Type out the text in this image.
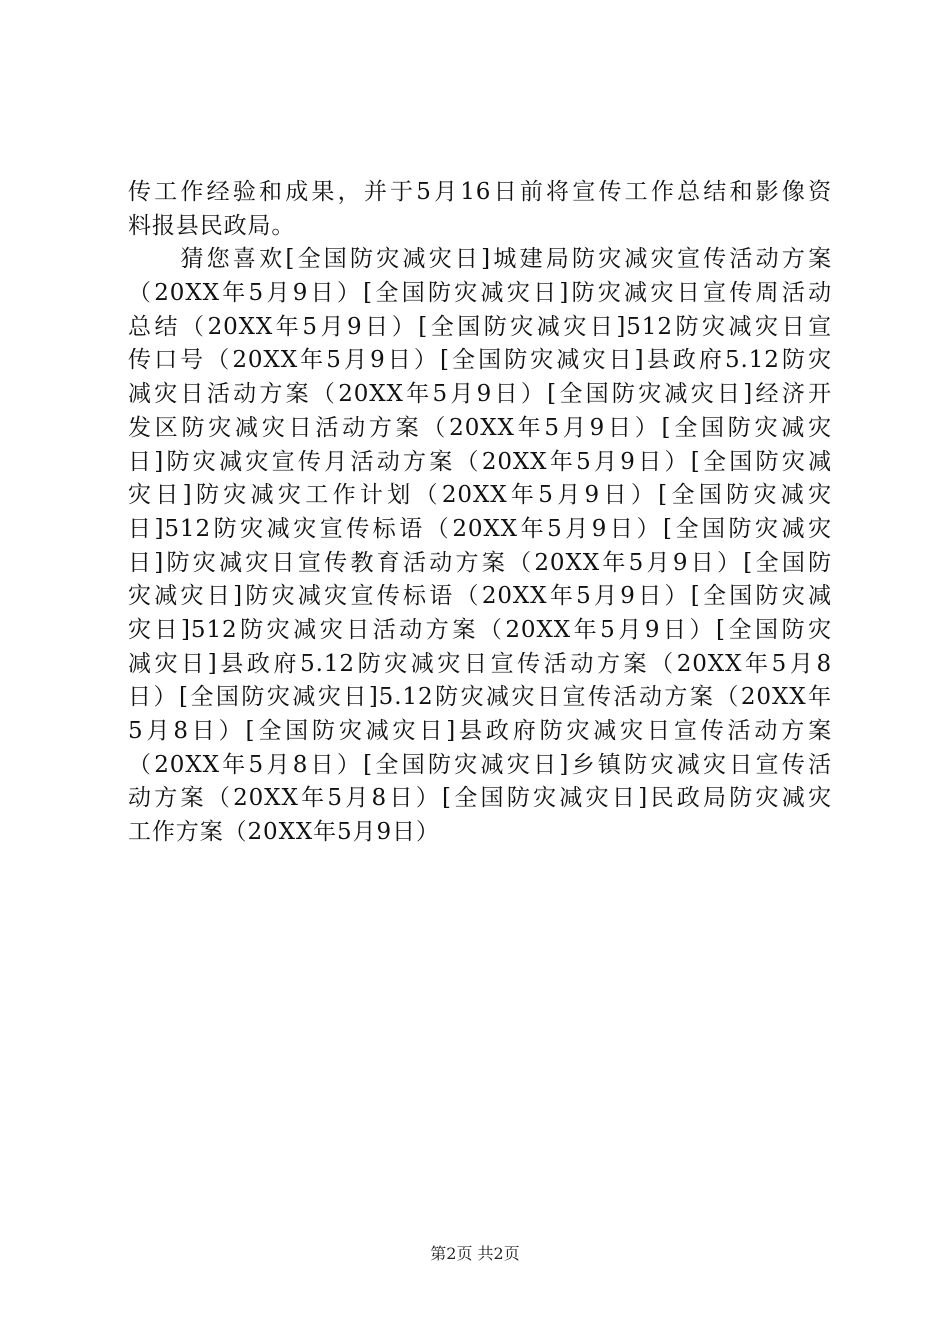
传工作经验和成果，并于5月16日前将宣传工作总结和影像资
料报县民政局。
　　猜您喜欢[全国防灾减灾日]城建局防灾减灾宣传活动方案
（20XX年5月9日）[全国防灾减灾日]防灾减灾日宣传周活动
总结（20XX年5月9日）[全国防灾减灾日]512防灾减灾日宣
传口号（20XX年5月9日）[全国防灾减灾日]县政府5.12防灾
减灾日活动方案（20XX年5月9日）[全国防灾减灾日]经济开
发区防灾减灾日活动方案（20XX年5月9日）[全国防灾减灾
日]防灾减灾宣传月活动方案（20XX年5月9日）[全国防灾减
灾日]防灾减灾工作计划（20XX年5月9日）[全国防灾减灾
日]512防灾减灾宣传标语（20XX年5月9日）[全国防灾减灾
日]防灾减灾日宣传教育活动方案（20XX年5月9日）[全国防
灾减灾日]防灾减灾宣传标语（20XX年5月9日）[全国防灾减
灾日]512防灾减灾日活动方案（20XX年5月9日）[全国防灾
减灾日]县政府5.12防灾减灾日宣传活动方案（20XX年5月8
日）[全国防灾减灾日]5.12防灾减灾日宣传活动方案（20XX年
5月8日）[全国防灾减灾日]县政府防灾减灾日宣传活动方案
（20XX年5月8日）[全国防灾减灾日]乡镇防灾减灾日宣传活
动方案（20XX年5月8日）[全国防灾减灾日]民政局防灾减灾
工作方案（20XX年5月9日）
第2页 共2页
